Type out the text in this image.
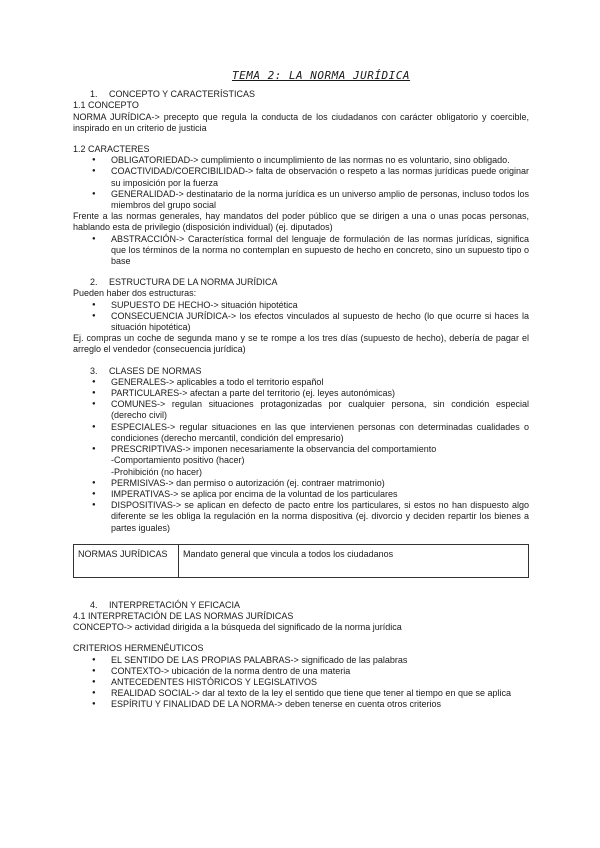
TEMA 2: LA NORMA JURÍDICA
1. CONCEPTO Y CARACTERÍSTICAS

1.1 CONCEPTO

NORMA JURÍDICA-> precepto que regula la conducta de los ciudadanos con carácter obligatorio y coercible, inspirado en un criterio de justicia

1.2 CARACTERES

● OBLIGATORIEDAD-> cumplimiento o incumplimiento de las normas no es voluntario, sino obligado.
● COACTIVIDAD/COERCIBILIDAD-> falta de observación o respeto a las normas jurídicas puede originar su imposición por la fuerza
● GENERALIDAD-> destinatario de la norma jurídica es un universo amplio de personas, incluso todos los miembros del grupo social

Frente a las normas generales, hay mandatos del poder público que se dirigen a una o unas pocas personas, hablando esta de privilegio (disposición individual) (ej. diputados)

● ABSTRACCIÓN-> Característica formal del lenguaje de formulación de las normas jurídicas, significa que los términos de la norma no contemplan en supuesto de hecho en concreto, sino un supuesto tipo o base
2. ESTRUCTURA DE LA NORMA JURÍDICA

Pueden haber dos estructuras:

● SUPUESTO DE HECHO-> situación hipotética
● CONSECUENCIA JURÍDICA-> los efectos vinculados al supuesto de hecho (lo que ocurre si haces la situación hipotética)

Ej. compras un coche de segunda mano y se te rompe a los tres días (supuesto de hecho), debería de pagar el arreglo el vendedor (consecuencia jurídica)

3. CLASES DE NORMAS
● GENERALES-> aplicables a todo el territorio español
● PARTICULARES-> afectan a parte del territorio (ej. leyes autonómicas)
● COMUNES-> regulan situaciones protagonizadas por cualquier persona, sin condición especial (derecho civil)
● ESPECIALES-> regular situaciones en las que intervienen personas con determinadas cualidades o condiciones (derecho mercantil, condición del empresario)
● PRESCRIPTIVAS-> imponen necesariamente la observancia del comportamiento
-Comportamiento positivo (hacer)
-Prohibición (no hacer)
● PERMISIVAS-> dan permiso o autorización (ej. contraer matrimonio)
● IMPERATIVAS-> se aplica por encima de la voluntad de los particulares
● DISPOSITIVAS-> se aplican en defecto de pacto entre los particulares, si estos no han dispuesto algo diferente se les obliga la regulación en la norma dispositiva (ej. divorcio y deciden repartir los bienes a partes iguales)
NORMAS JURÍDICAS	Mandato general que vincula a todos los ciudadanos
4. INTERPRETACIÓN Y EFICACIA

4.1 INTERPRETACIÓN DE LAS NORMAS JURÍDICAS

CONCEPTO-> actividad dirigida a la búsqueda del significado de la norma jurídica

CRITERIOS HERMENÉUTICOS

● EL SENTIDO DE LAS PROPIAS PALABRAS-> significado de las palabras
● CONTEXTO-> ubicación de la norma dentro de una materia
● ANTECEDENTES HISTÓRICOS Y LEGISLATIVOS
● REALIDAD SOCIAL-> dar al texto de la ley el sentido que tiene que tener al tiempo en que se aplica
● ESPÍRITU Y FINALIDAD DE LA NORMA-> deben tenerse en cuenta otros criterios
